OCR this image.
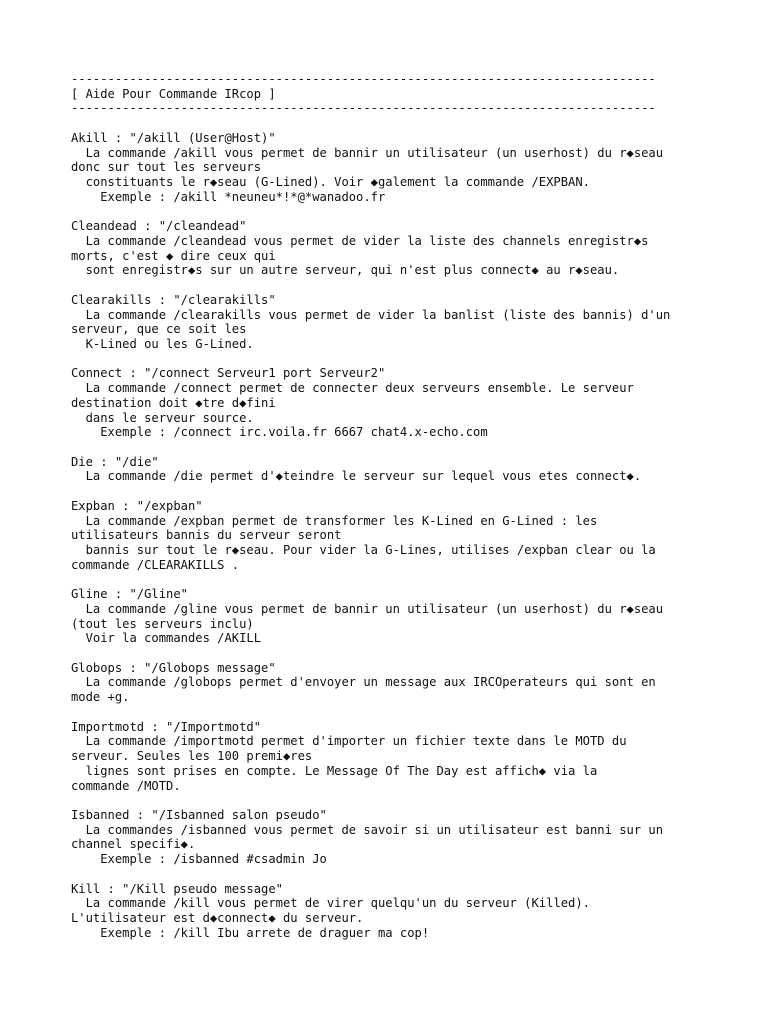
--------------------------------------------------------------------------------
[ Aide Pour Commande IRcop ]
--------------------------------------------------------------------------------
Akill : "/akill (User@Host)"
La commande /akill vous permet de bannir un utilisateur (un userhost) du r◆seau
donc sur tout les serveurs
constituants le r◆seau (G-Lined). Voir ◆galement la commande /EXPBAN.
Exemple : /akill *neuneu*!*@*wanadoo.fr
Cleandead : "/cleandead"
La commande /cleandead vous permet de vider la liste des channels enregistr◆s
morts, c'est ◆ dire ceux qui
sont enregistr◆s sur un autre serveur, qui n'est plus connect◆ au r◆seau.
Clearakills : "/clearakills"
La commande /clearakills vous permet de vider la banlist (liste des bannis) d'un
serveur, que ce soit les
K-Lined ou les G-Lined.
Connect : "/connect Serveur1 port Serveur2"
La commande /connect permet de connecter deux serveurs ensemble. Le serveur
destination doit ◆tre d◆fini
dans le serveur source.
Exemple : /connect irc.voila.fr 6667 chat4.x-echo.com
Die : "/die"
La commande /die permet d'◆teindre le serveur sur lequel vous etes connect◆.
Expban : "/expban"
La commande /expban permet de transformer les K-Lined en G-Lined : les
utilisateurs bannis du serveur seront
bannis sur tout le r◆seau. Pour vider la G-Lines, utilises /expban clear ou la
commande /CLEARAKILLS .
Gline : "/Gline"
La commande /gline vous permet de bannir un utilisateur (un userhost) du r◆seau
(tout les serveurs inclu)
Voir la commandes /AKILL
Globops : "/Globops message"
La commande /globops permet d'envoyer un message aux IRCOperateurs qui sont en
mode +g.
Importmotd : "/Importmotd"
La commande /importmotd permet d'importer un fichier texte dans le MOTD du
serveur. Seules les 100 premi◆res
lignes sont prises en compte. Le Message Of The Day est affich◆ via la
commande /MOTD.
Isbanned : "/Isbanned salon pseudo"
La commandes /isbanned vous permet de savoir si un utilisateur est banni sur un
channel specifi◆.
Exemple : /isbanned #csadmin Jo
Kill : "/Kill pseudo message"
La commande /kill vous permet de virer quelqu'un du serveur (Killed).
L'utilisateur est d◆connect◆ du serveur.
Exemple : /kill Ibu arrete de draguer ma cop!
